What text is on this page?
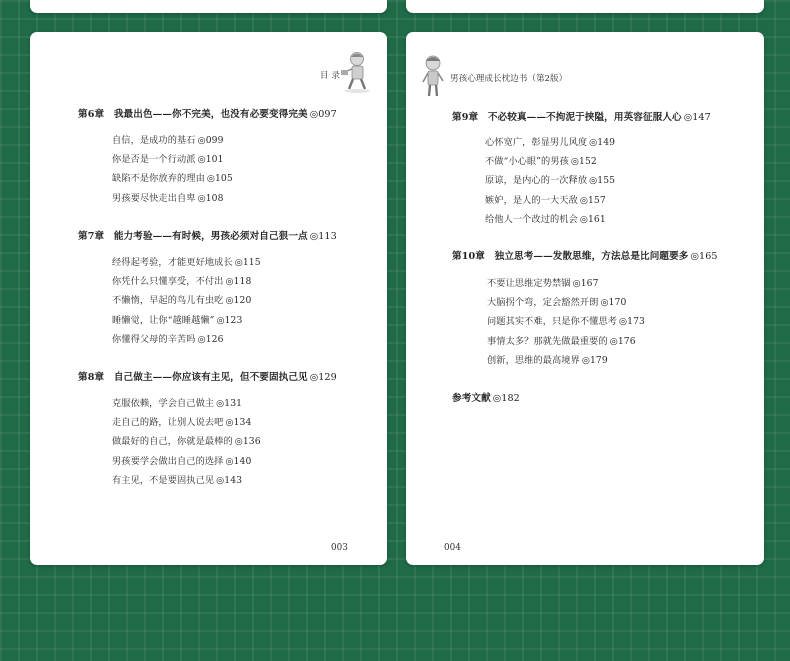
目 录
第6章　我最出色——你不完美，也没有必要变得完美 ◎097
自信，是成功的基石 ◎099
你是否是一个行动派 ◎101
缺陷不是你放弃的理由 ◎105
男孩要尽快走出自卑 ◎108
第7章　能力考验——有时候，男孩必须对自己狠一点 ◎113
经得起考验，才能更好地成长 ◎115
你凭什么只懂享受，不付出 ◎118
不懒惰，早起的鸟儿有虫吃 ◎120
睡懒觉，让你“越睡越懒” ◎123
你懂得父母的辛苦吗 ◎126
第8章　自己做主——你应该有主见，但不要固执己见 ◎129
克服依赖，学会自己做主 ◎131
走自己的路，让别人说去吧 ◎134
做最好的自己，你就是最棒的 ◎136
男孩要学会做出自己的选择 ◎140
有主见，不是要固执己见 ◎143
003
男孩心理成长枕边书（第2版）
第9章　不必较真——不拘泥于挟隘，用英容征服人心 ◎147
心怀宽广，彰显男儿风度 ◎149
不做“小心眼”的男孩 ◎152
原谅，是内心的一次释放 ◎155
嫉妒，是人的一大天敌 ◎157
给他人一个改过的机会 ◎161
第10章　独立思考——发散思维，方法总是比问题要多 ◎165
不要让思维定势禁锢 ◎167
大脑拐个弯，定会豁然开朗 ◎170
问题其实不难，只是你不懂思考 ◎173
事情太多？那就先做最重要的 ◎176
创新，思维的最高境界 ◎179
参考文献 ◎182
004
